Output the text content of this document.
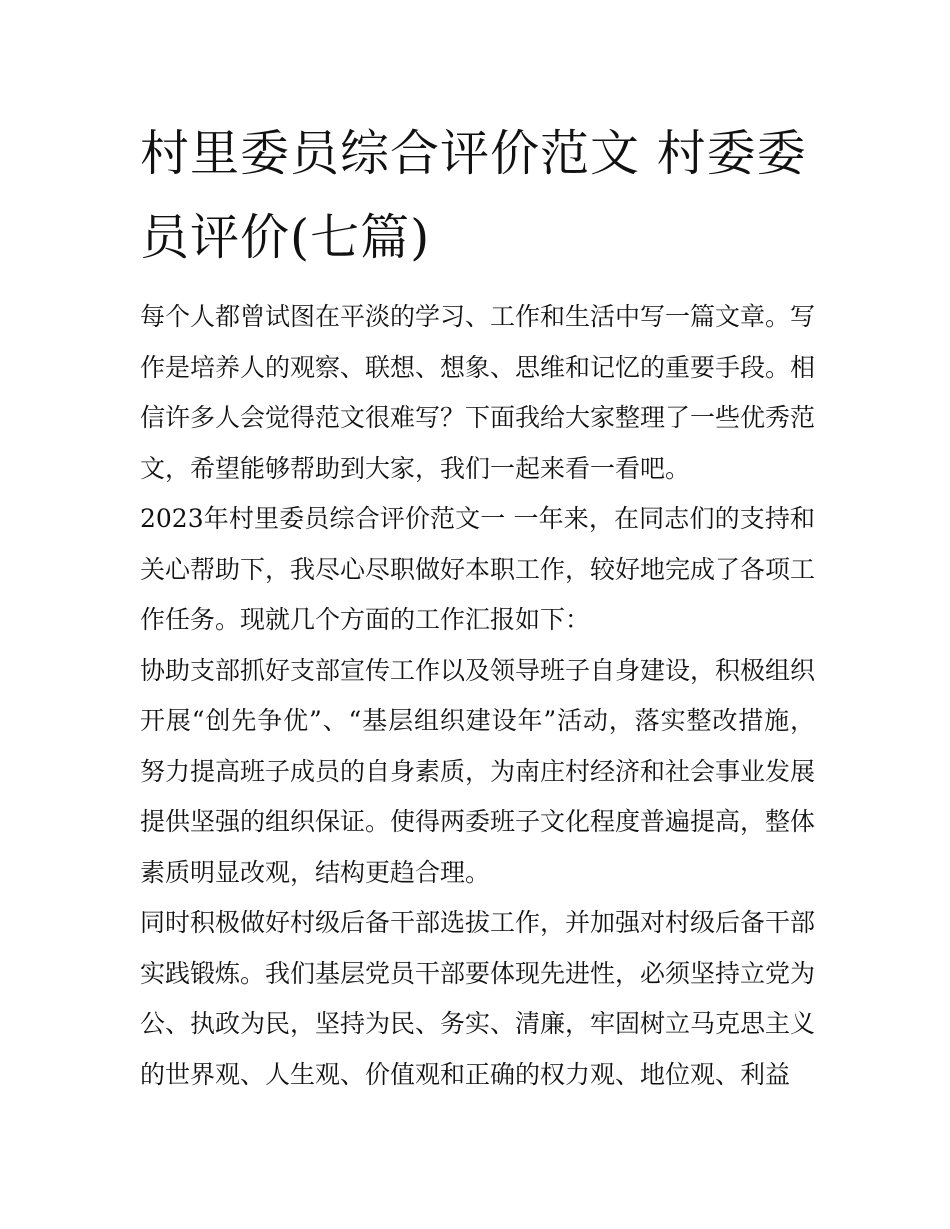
村里委员综合评价范文 村委委员评价(七篇)

每个人都曾试图在平淡的学习、工作和生活中写一篇文章。写作是培养人的观察、联想、想象、思维和记忆的重要手段。相信许多人会觉得范文很难写？下面我给大家整理了一些优秀范文，希望能够帮助到大家，我们一起来看一看吧。

2023年村里委员综合评价范文一 一年来，在同志们的支持和关心帮助下，我尽心尽职做好本职工作，较好地完成了各项工作任务。现就几个方面的工作汇报如下：

协助支部抓好支部宣传工作以及领导班子自身建设，积极组织开展“创先争优”、“基层组织建设年”活动，落实整改措施，努力提高班子成员的自身素质，为南庄村经济和社会事业发展提供坚强的组织保证。使得两委班子文化程度普遍提高，整体素质明显改观，结构更趋合理。

同时积极做好村级后备干部选拔工作，并加强对村级后备干部实践锻炼。我们基层党员干部要体现先进性，必须坚持立党为公、执政为民，坚持为民、务实、清廉，牢固树立马克思主义的世界观、人生观、价值观和正确的权力观、地位观、利益
